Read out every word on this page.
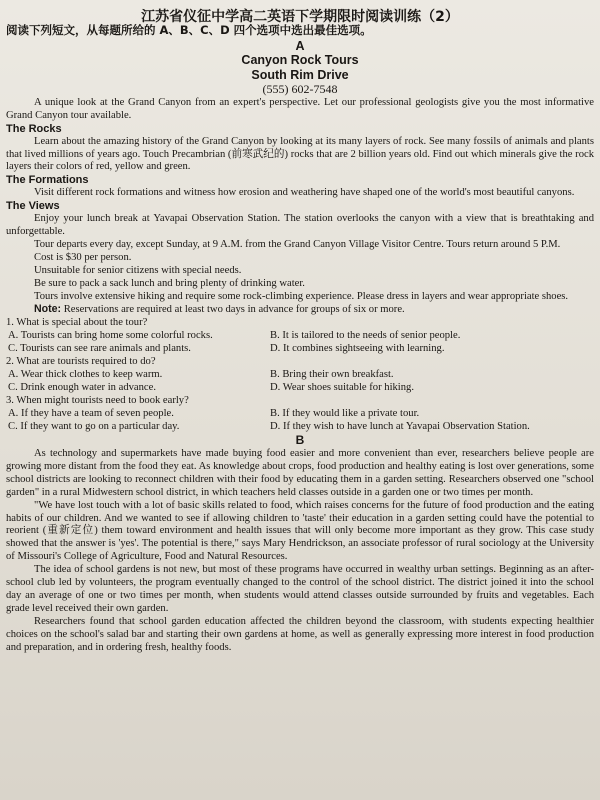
江苏省仪征中学高二英语下学期限时阅读训练（2）

阅读下列短文，从每题所给的 A、B、C、D 四个选项中选出最佳选项。

A
Canyon Rock Tours
South Rim Drive
(555) 602-7548

A unique look at the Grand Canyon from an expert's perspective. Let our professional geologists give you the most informative Grand Canyon tour available.

The Rocks

Learn about the amazing history of the Grand Canyon by looking at its many layers of rock. See many fossils of animals and plants that lived millions of years ago. Touch Precambrian (前寒武纪的) rocks that are 2 billion years old. Find out which minerals give the rock layers their colors of red, yellow and green.

The Formations

Visit different rock formations and witness how erosion and weathering have shaped one of the world's most beautiful canyons.

The Views

Enjoy your lunch break at Yavapai Observation Station. The station overlooks the canyon with a view that is breathtaking and unforgettable.

Tour departs every day, except Sunday, at 9 A.M. from the Grand Canyon Village Visitor Centre. Tours return around 5 P.M.

Cost is $30 per person.

Unsuitable for senior citizens with special needs.

Be sure to pack a sack lunch and bring plenty of drinking water.

Tours involve extensive hiking and require some rock-climbing experience. Please dress in layers and wear appropriate shoes.

Note: Reservations are required at least two days in advance for groups of six or more.

1. What is special about the tour?
A. Tourists can bring home some colorful rocks.	B. It is tailored to the needs of senior people.
C. Tourists can see rare animals and plants.	D. It combines sightseeing with learning.
2. What are tourists required to do?
A. Wear thick clothes to keep warm.	B. Bring their own breakfast.
C. Drink enough water in advance.	D. Wear shoes suitable for hiking.
3. When might tourists need to book early?
A. If they have a team of seven people.	B. If they would like a private tour.
C. If they want to go on a particular day.	D. If they wish to have lunch at Yavapai Observation Station.
B

As technology and supermarkets have made buying food easier and more convenient than ever, researchers believe people are growing more distant from the food they eat. As knowledge about crops, food production and healthy eating is lost over generations, some school districts are looking to reconnect children with their food by educating them in a garden setting. Researchers observed one "school garden" in a rural Midwestern school district, in which teachers held classes outside in a garden one or two times per month.

"We have lost touch with a lot of basic skills related to food, which raises concerns for the future of food production and the eating habits of our children. And we wanted to see if allowing children to 'taste' their education in a garden setting could have the potential to reorient (重新定位) them toward environment and health issues that will only become more important as they grow. This case study showed that the answer is 'yes'. The potential is there," says Mary Hendrickson, an associate professor of rural sociology at the University of Missouri's College of Agriculture, Food and Natural Resources.

The idea of school gardens is not new, but most of these programs have occurred in wealthy urban settings. Beginning as an after-school club led by volunteers, the program eventually changed to the control of the school district. The district joined it into the school day an average of one or two times per month, when students would attend classes outside surrounded by fruits and vegetables. Each grade level received their own garden.

Researchers found that school garden education affected the children beyond the classroom, with students expecting healthier choices on the school's salad bar and starting their own gardens at home, as well as generally expressing more interest in food production and preparation, and in ordering fresh, healthy foods.
